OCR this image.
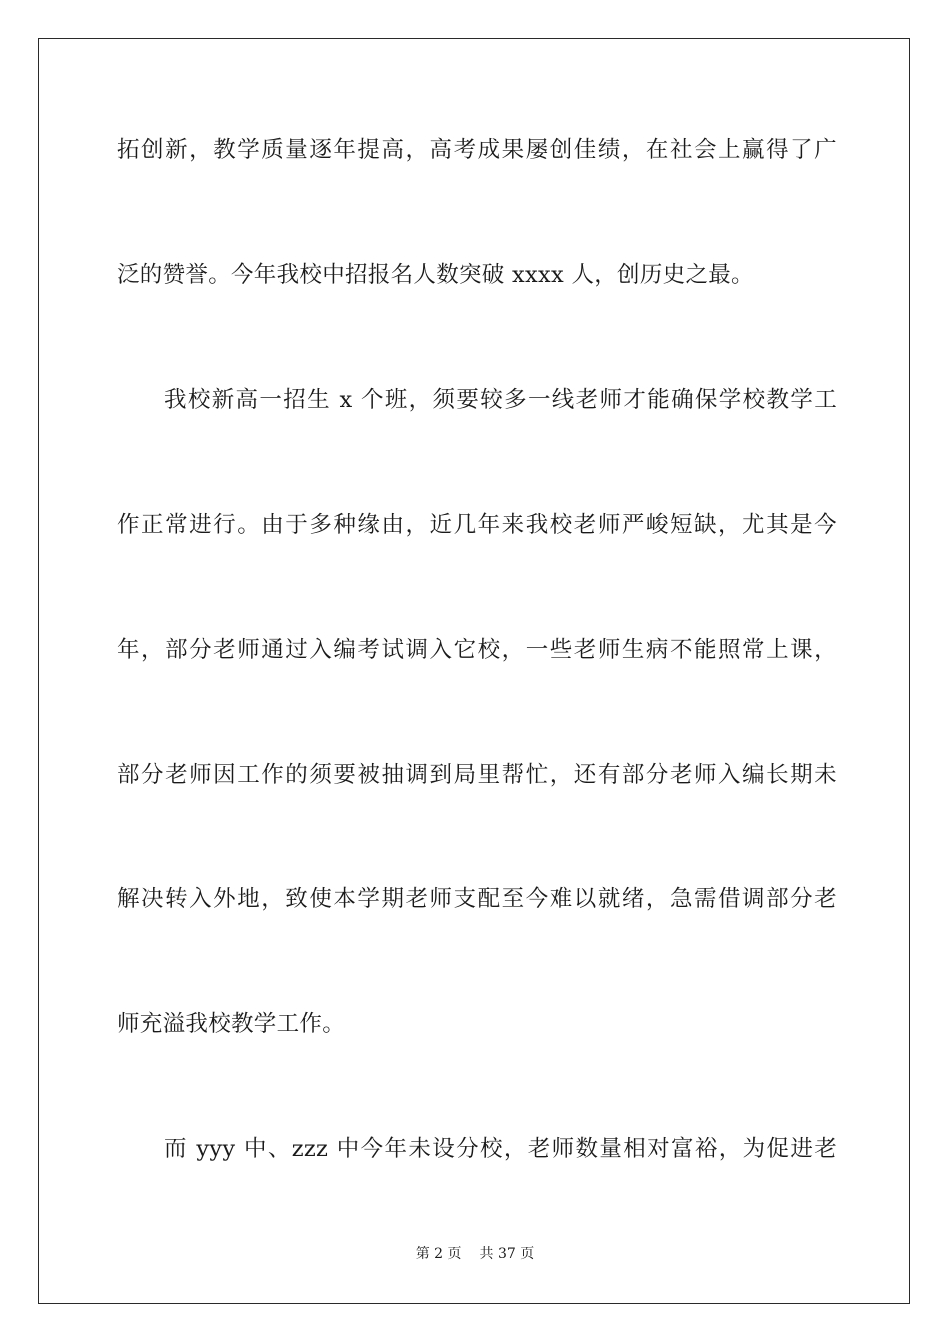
拓创新，教学质量逐年提高，高考成果屡创佳绩，在社会上赢得了广

泛的赞誉。今年我校中招报名人数突破 xxxx 人，创历史之最。

我校新高一招生 x 个班，须要较多一线老师才能确保学校教学工

作正常进行。由于多种缘由，近几年来我校老师严峻短缺，尤其是今

年，部分老师通过入编考试调入它校，一些老师生病不能照常上课，

部分老师因工作的须要被抽调到局里帮忙，还有部分老师入编长期未

解决转入外地，致使本学期老师支配至今难以就绪，急需借调部分老

师充溢我校教学工作。

而 yyy 中、zzz 中今年未设分校，老师数量相对富裕，为促进老

第 2 页 共 37 页
